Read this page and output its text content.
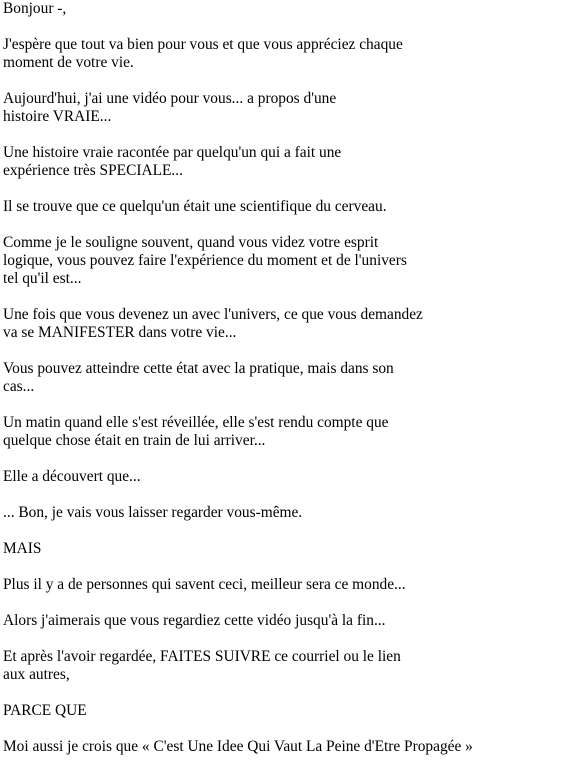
Bonjour -,

J'espère que tout va bien pour vous et que vous appréciez chaque
moment de votre vie.

Aujourd'hui, j'ai une vidéo pour vous... a propos d'une
histoire VRAIE...

Une histoire vraie racontée par quelqu'un qui a fait une
expérience très SPECIALE...

Il se trouve que ce quelqu'un était une scientifique du cerveau.

Comme je le souligne souvent, quand vous videz votre esprit
logique, vous pouvez faire l'expérience du moment et de l'univers
tel qu'il est...

Une fois que vous devenez un avec l'univers, ce que vous demandez
va se MANIFESTER dans votre vie...

Vous pouvez atteindre cette état avec la pratique, mais dans son
cas...

Un matin quand elle s'est réveillée, elle s'est rendu compte que
quelque chose était en train de lui arriver...

Elle a découvert que...

... Bon, je vais vous laisser regarder vous-même.

MAIS

Plus il y a de personnes qui savent ceci, meilleur sera ce monde...

Alors j'aimerais que vous regardiez cette vidéo jusqu'à la fin...

Et après l'avoir regardée, FAITES SUIVRE ce courriel ou le lien
aux autres,

PARCE QUE

Moi aussi je crois que « C'est Une Idee Qui Vaut La Peine d'Etre Propagée »
